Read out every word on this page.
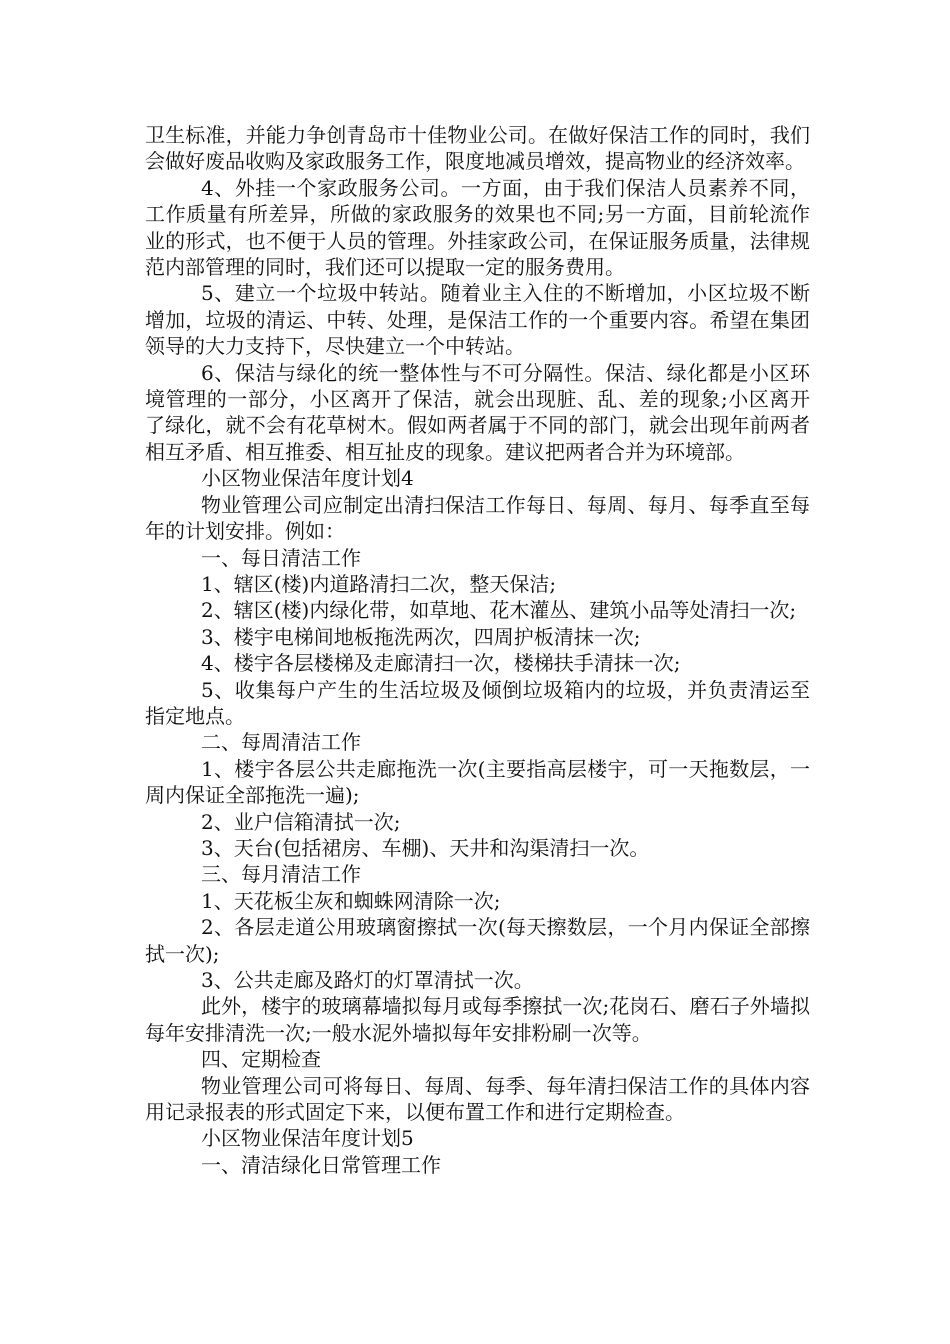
卫生标准，并能力争创青岛市十佳物业公司。在做好保洁工作的同时，我们会做好废品收购及家政服务工作，限度地减员增效，提高物业的经济效率。

4、外挂一个家政服务公司。一方面，由于我们保洁人员素养不同，工作质量有所差异，所做的家政服务的效果也不同;另一方面，目前轮流作业的形式，也不便于人员的管理。外挂家政公司，在保证服务质量，法律规范内部管理的同时，我们还可以提取一定的服务费用。

5、建立一个垃圾中转站。随着业主入住的不断增加，小区垃圾不断增加，垃圾的清运、中转、处理，是保洁工作的一个重要内容。希望在集团领导的大力支持下，尽快建立一个中转站。

6、保洁与绿化的统一整体性与不可分隔性。保洁、绿化都是小区环境管理的一部分，小区离开了保洁，就会出现脏、乱、差的现象;小区离开了绿化，就不会有花草树木。假如两者属于不同的部门，就会出现年前两者相互矛盾、相互推委、相互扯皮的现象。建议把两者合并为环境部。

小区物业保洁年度计划4

物业管理公司应制定出清扫保洁工作每日、每周、每月、每季直至每年的计划安排。例如：

一、每日清洁工作

1、辖区(楼)内道路清扫二次，整天保洁;

2、辖区(楼)内绿化带，如草地、花木灌丛、建筑小品等处清扫一次;

3、楼宇电梯间地板拖洗两次，四周护板清抹一次;

4、楼宇各层楼梯及走廊清扫一次，楼梯扶手清抹一次;

5、收集每户产生的生活垃圾及倾倒垃圾箱内的垃圾，并负责清运至指定地点。

二、每周清洁工作

1、楼宇各层公共走廊拖洗一次(主要指高层楼宇，可一天拖数层，一周内保证全部拖洗一遍);

2、业户信箱清拭一次;

3、天台(包括裙房、车棚)、天井和沟渠清扫一次。

三、每月清洁工作

1、天花板尘灰和蜘蛛网清除一次;

2、各层走道公用玻璃窗擦拭一次(每天擦数层，一个月内保证全部擦拭一次);

3、公共走廊及路灯的灯罩清拭一次。

此外，楼宇的玻璃幕墙拟每月或每季擦拭一次;花岗石、磨石子外墙拟每年安排清洗一次;一般水泥外墙拟每年安排粉刷一次等。

四、定期检查

物业管理公司可将每日、每周、每季、每年清扫保洁工作的具体内容用记录报表的形式固定下来，以便布置工作和进行定期检查。

小区物业保洁年度计划5

一、清洁绿化日常管理工作
